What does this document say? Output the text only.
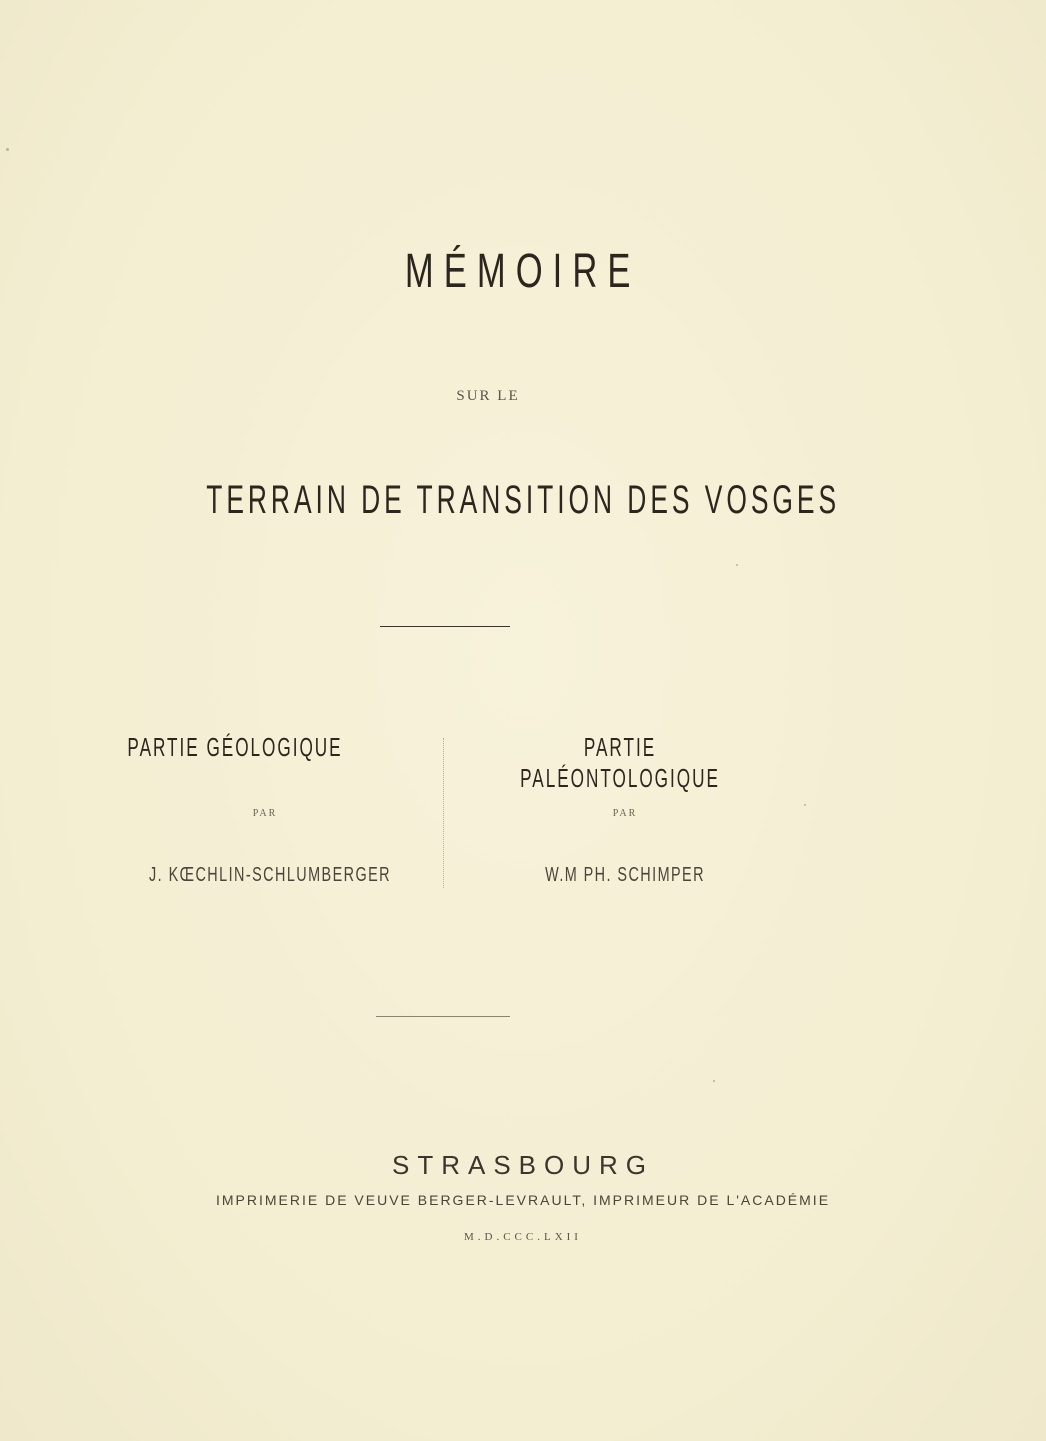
MÉMOIRE
SUR LE
TERRAIN DE TRANSITION DES VOSGES
PARTIE GÉOLOGIQUE	PARTIE PALÉONTOLOGIQUE
PAR	PAR
J. KŒCHLIN-SCHLUMBERGER	W.M PH. SCHIMPER
STRASBOURG
IMPRIMERIE DE VEUVE BERGER-LEVRAULT, IMPRIMEUR DE L'ACADÉMIE
M.D.CCC.LXII
